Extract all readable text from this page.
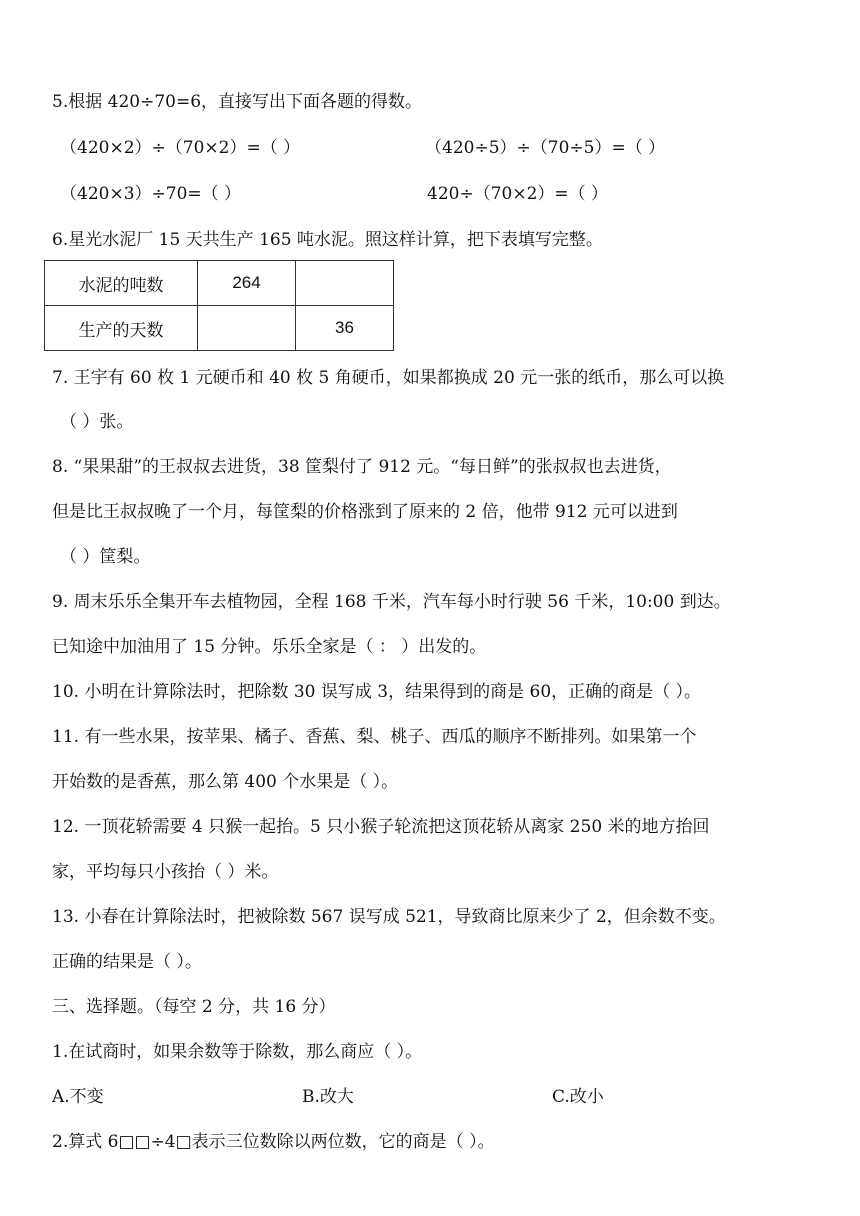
5.根据 420÷70=6，直接写出下面各题的得数。
（420×2）÷（70×2）=（ ）	（420÷5）÷（70÷5）=（ ）
（420×3）÷70=（ ）	420÷（70×2）=（ ）
6.星光水泥厂 15 天共生产 165 吨水泥。照这样计算，把下表填写完整。
水泥的吨数	264	
生产的天数		36
7. 王宇有 60 枚 1 元硬币和 40 枚 5 角硬币，如果都换成 20 元一张的纸币，那么可以换
（ ）张。
8. “果果甜”的王叔叔去进货，38 筐梨付了 912 元。“每日鲜”的张叔叔也去进货，
但是比王叔叔晚了一个月，每筐梨的价格涨到了原来的 2 倍，他带 912 元可以进到
（ ）筐梨。
9. 周末乐乐全集开车去植物园，全程 168 千米，汽车每小时行驶 56 千米，10:00 到达。
已知途中加油用了 15 分钟。乐乐全家是（ ： ）出发的。
10. 小明在计算除法时，把除数 30 误写成 3，结果得到的商是 60，正确的商是（ ）。
11. 有一些水果，按苹果、橘子、香蕉、梨、桃子、西瓜的顺序不断排列。如果第一个
开始数的是香蕉，那么第 400 个水果是（ ）。
12. 一顶花轿需要 4 只猴一起抬。5 只小猴子轮流把这顶花轿从离家 250 米的地方抬回
家，平均每只小孩抬（ ）米。
13. 小春在计算除法时，把被除数 567 误写成 521，导致商比原来少了 2，但余数不变。
正确的结果是（ ）。
三、选择题。（每空 2 分，共 16 分）
1.在试商时，如果余数等于除数，那么商应（ ）。
A.不变	B.改大	C.改小
2.算式 6□□÷4□表示三位数除以两位数，它的商是（ ）。
